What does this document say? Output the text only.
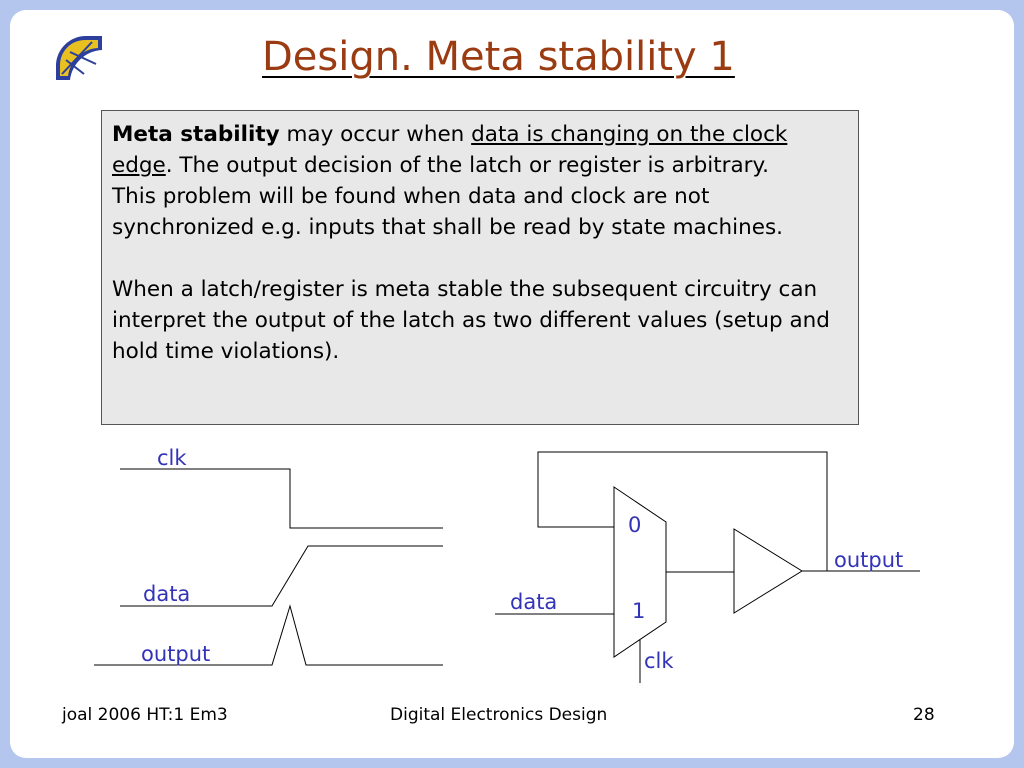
Design. Meta stability 1

Meta stability may occur when data is changing on the clock edge. The output decision of the latch or register is arbitrary.

This problem will be found when data and clock are not synchronized e.g. inputs that shall be read by state machines.

When a latch/register is meta stable the subsequent circuitry can interpret the output of the latch as two different values (setup and hold time violations).

clk
data
output
0
1
data
clk
output
joal 2006 HT:1 Em3	Digital Electronics Design	28
